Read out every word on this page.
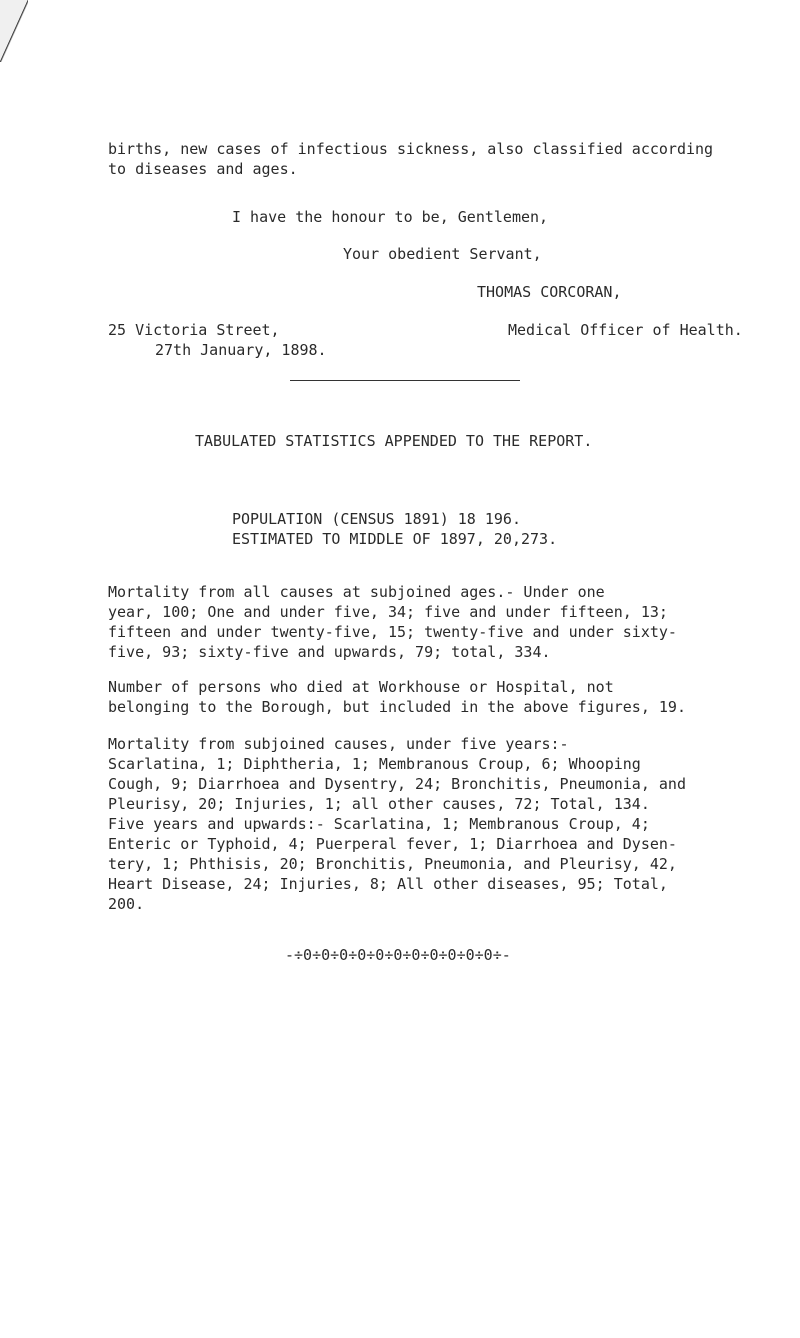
births, new cases of infectious sickness, also classified according
to diseases and ages.
I have the honour to be, Gentlemen,
Your obedient Servant,
THOMAS CORCORAN,
25 Victoria Street,	Medical Officer of Health.
27th January, 1898.
TABULATED STATISTICS APPENDED TO THE REPORT.
POPULATION (CENSUS 1891) 18 196.
ESTIMATED TO MIDDLE OF 1897, 20,273.
Mortality from all causes at subjoined ages.- Under one
year, 100; One and under five, 34; five and under fifteen, 13;
fifteen and under twenty-five, 15; twenty-five and under sixty-
five, 93; sixty-five and upwards, 79; total, 334.
Number of persons who died at Workhouse or Hospital, not
belonging to the Borough, but included in the above figures, 19.
Mortality from subjoined causes, under five years:-
Scarlatina, 1; Diphtheria, 1; Membranous Croup, 6; Whooping
Cough, 9; Diarrhoea and Dysentry, 24; Bronchitis, Pneumonia, and
Pleurisy, 20; Injuries, 1; all other causes, 72; Total, 134.
Five years and upwards:- Scarlatina, 1; Membranous Croup, 4;
Enteric or Typhoid, 4; Puerperal fever, 1; Diarrhoea and Dysen-
tery, 1; Phthisis, 20; Bronchitis, Pneumonia, and Pleurisy, 42,
Heart Disease, 24; Injuries, 8; All other diseases, 95; Total,
200.
-÷0÷0÷0÷0÷0÷0÷0÷0÷0÷0÷0÷-
